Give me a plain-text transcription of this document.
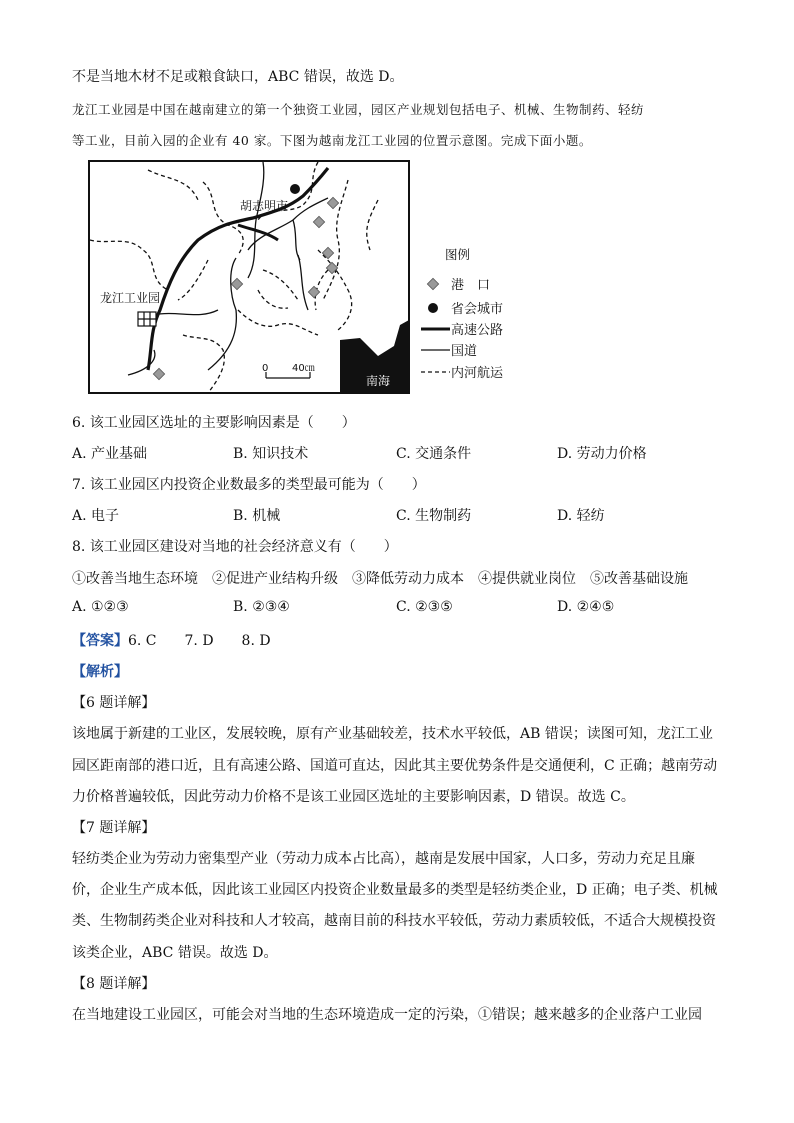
不是当地木材不足或粮食缺口，ABC 错误，故选 D。
龙江工业园是中国在越南建立的第一个独资工业园，园区产业规划包括电子、机械、生物制药、轻纺
等工业，目前入园的企业有 40 家。下图为越南龙江工业园的位置示意图。完成下面小题。
南海
胡志明市
龙江工业园
0 40㎝
图例
港　口
省会城市
高速公路
国道
内河航运
6. 该工业园区选址的主要影响因素是（　　）
A. 产业基础	B. 知识技术	C. 交通条件	D. 劳动力价格
7. 该工业园区内投资企业数最多的类型最可能为（　　）
A. 电子	B. 机械	C. 生物制药	D. 轻纺
8. 该工业园区建设对当地的社会经济意义有（　　）
①改善当地生态环境　②促进产业结构升级　③降低劳动力成本　④提供就业岗位　⑤改善基础设施
A. ①②③	B. ②③④	C. ②③⑤	D. ②④⑤
【答案】6. C　　7. D　　8. D
【解析】
【6 题详解】
该地属于新建的工业区，发展较晚，原有产业基础较差，技术水平较低，AB 错误；读图可知，龙江工业
园区距南部的港口近，且有高速公路、国道可直达，因此其主要优势条件是交通便利，C 正确；越南劳动
力价格普遍较低，因此劳动力价格不是该工业园区选址的主要影响因素，D 错误。故选 C。
【7 题详解】
轻纺类企业为劳动力密集型产业（劳动力成本占比高），越南是发展中国家，人口多，劳动力充足且廉
价，企业生产成本低，因此该工业园区内投资企业数量最多的类型是轻纺类企业，D 正确；电子类、机械
类、生物制药类企业对科技和人才较高，越南目前的科技水平较低，劳动力素质较低，不适合大规模投资
该类企业，ABC 错误。故选 D。
【8 题详解】
在当地建设工业园区，可能会对当地的生态环境造成一定的污染，①错误；越来越多的企业落户工业园
